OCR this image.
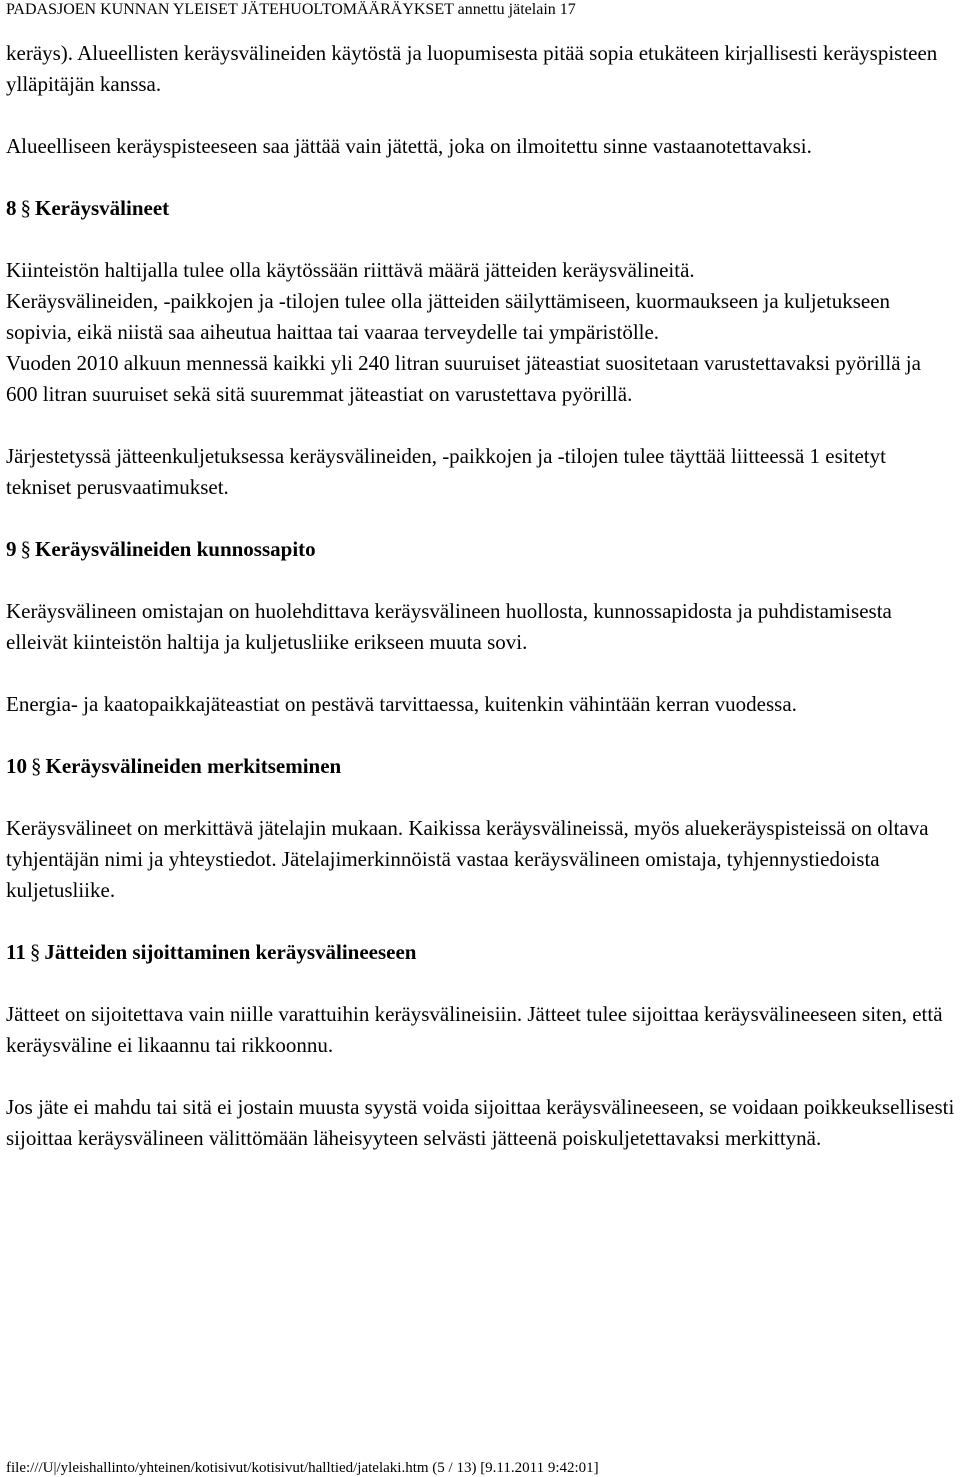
PADASJOEN KUNNAN YLEISET JÄTEHUOLTOMÄÄRÄYKSET annettu jätelain 17

keräys). Alueellisten keräysvälineiden käytöstä ja luopumisesta pitää sopia etukäteen kirjallisesti keräyspisteen ylläpitäjän kanssa.

Alueelliseen keräyspisteeseen saa jättää vain jätettä, joka on ilmoitettu sinne vastaanotettavaksi.

8 § Keräysvälineet

Kiinteistön haltijalla tulee olla käytössään riittävä määrä jätteiden keräysvälineitä.

Keräysvälineiden, -paikkojen ja -tilojen tulee olla jätteiden säilyttämiseen, kuormaukseen ja kuljetukseen sopivia, eikä niistä saa aiheutua haittaa tai vaaraa terveydelle tai ympäristölle.

Vuoden 2010 alkuun mennessä kaikki yli 240 litran suuruiset jäteastiat suositetaan varustettavaksi pyörillä ja 600 litran suuruiset sekä sitä suuremmat jäteastiat on varustettava pyörillä.

Järjestetyssä jätteenkuljetuksessa keräysvälineiden, -paikkojen ja -tilojen tulee täyttää liitteessä 1 esitetyt tekniset perusvaatimukset.

9 § Keräysvälineiden kunnossapito

Keräysvälineen omistajan on huolehdittava keräysvälineen huollosta, kunnossapidosta ja puhdistamisesta elleivät kiinteistön haltija ja kuljetusliike erikseen muuta sovi.

Energia- ja kaatopaikkajäteastiat on pestävä tarvittaessa, kuitenkin vähintään kerran vuodessa.

10 § Keräysvälineiden merkitseminen

Keräysvälineet on merkittävä jätelajin mukaan. Kaikissa keräysvälineissä, myös aluekeräyspisteissä on oltava tyhjentäjän nimi ja yhteystiedot. Jätelajimerkinnöistä vastaa keräysvälineen omistaja, tyhjennystiedoista kuljetusliike.

11 § Jätteiden sijoittaminen keräysvälineeseen

Jätteet on sijoitettava vain niille varattuihin keräysvälineisiin. Jätteet tulee sijoittaa keräysvälineeseen siten, että keräysväline ei likaannu tai rikkoonnu.

Jos jäte ei mahdu tai sitä ei jostain muusta syystä voida sijoittaa keräysvälineeseen, se voidaan poikkeuksellisesti sijoittaa keräysvälineen välittömään läheisyyteen selvästi jätteenä poiskuljetettavaksi merkittynä.

file:///U|/yleishallinto/yhteinen/kotisivut/kotisivut/halltied/jatelaki.htm (5 / 13) [9.11.2011 9:42:01]
